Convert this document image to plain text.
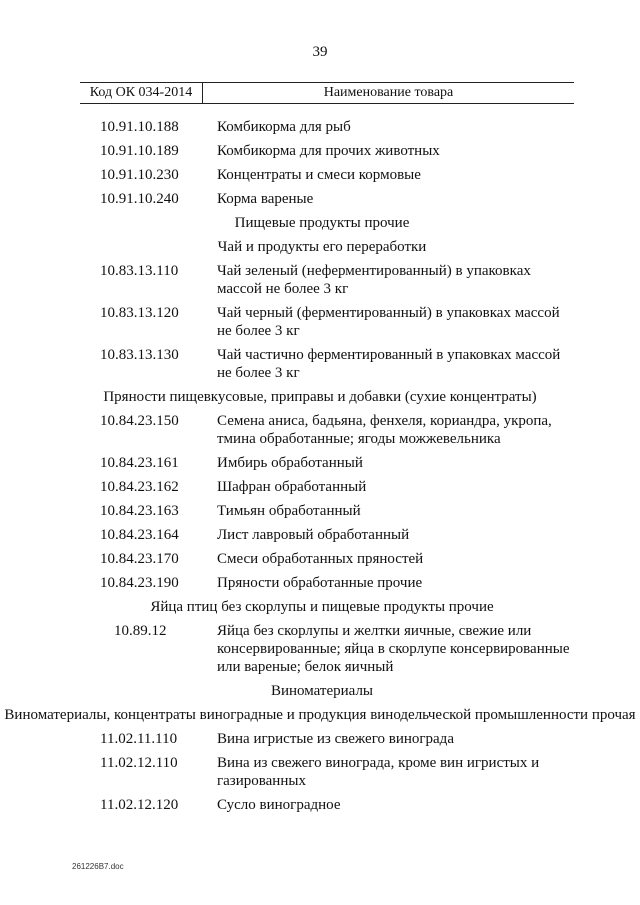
39
Код ОК 034-2014	Наименование товара
10.91.10.188	Комбикорма для рыб
10.91.10.189	Комбикорма для прочих животных
10.91.10.230	Концентраты и смеси кормовые
10.91.10.240	Корма вареные
Пищевые продукты прочие
Чай и продукты его переработки
10.83.13.110	Чай зеленый (неферментированный) в упаковках массой не более 3 кг
10.83.13.120	Чай черный (ферментированный) в упаковках массой не более 3 кг
10.83.13.130	Чай частично ферментированный в упаковках массой не более 3 кг
Пряности пищевкусовые, приправы и добавки (сухие концентраты)
10.84.23.150	Семена аниса, бадьяна, фенхеля, кориандра, укропа, тмина обработанные; ягоды можжевельника
10.84.23.161	Имбирь обработанный
10.84.23.162	Шафран обработанный
10.84.23.163	Тимьян обработанный
10.84.23.164	Лист лавровый обработанный
10.84.23.170	Смеси обработанных пряностей
10.84.23.190	Пряности обработанные прочие
Яйца птиц без скорлупы и пищевые продукты прочие
10.89.12	Яйца без скорлупы и желтки яичные, свежие или консервированные; яйца в скорлупе консервированные или вареные; белок яичный
Виноматериалы
Виноматериалы, концентраты виноградные и продукция винодельческой промышленности прочая
11.02.11.110	Вина игристые из свежего винограда
11.02.12.110	Вина из свежего винограда, кроме вин игристых и газированных
11.02.12.120	Сусло виноградное
261226B7.doc
